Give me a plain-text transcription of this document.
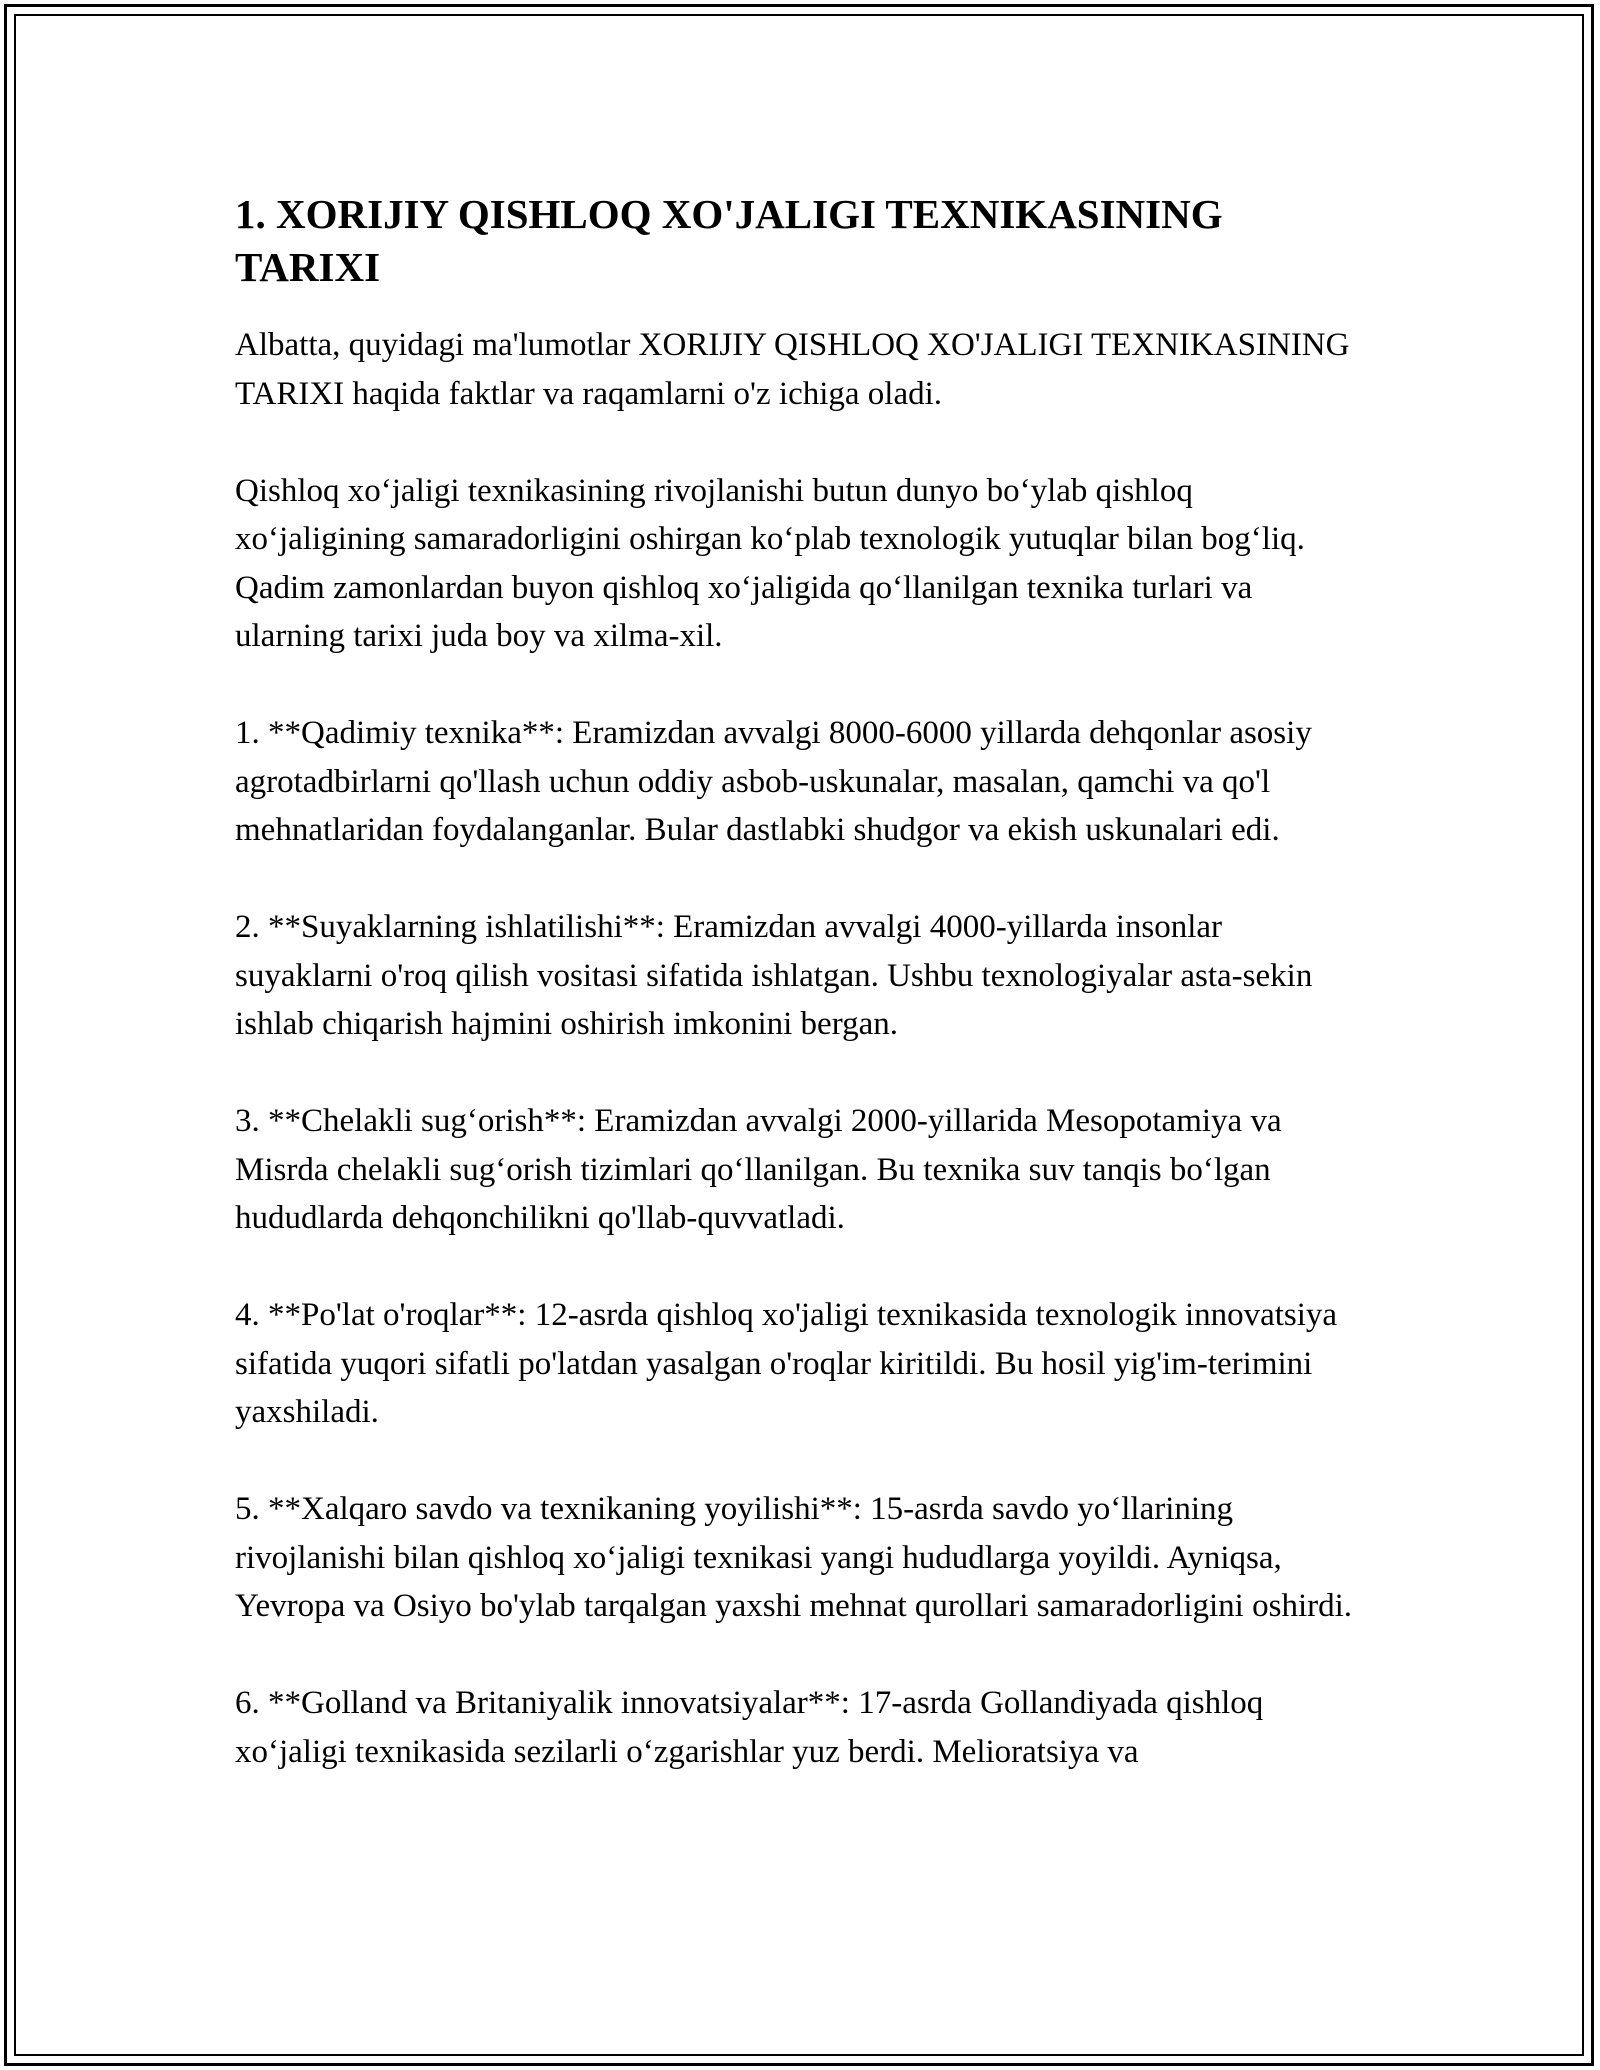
1. XORIJIY QISHLOQ XO'JALIGI TEXNIKASINING TARIXI

Albatta, quyidagi ma'lumotlar XORIJIY QISHLOQ XO'JALIGI TEXNIKASINING TARIXI haqida faktlar va raqamlarni o'z ichiga oladi.

Qishloq xo‘jaligi texnikasining rivojlanishi butun dunyo bo‘ylab qishloq xo‘jaligining samaradorligini oshirgan ko‘plab texnologik yutuqlar bilan bog‘liq. Qadim zamonlardan buyon qishloq xo‘jaligida qo‘llanilgan texnika turlari va ularning tarixi juda boy va xilma-xil.

1. **Qadimiy texnika**: Eramizdan avvalgi 8000-6000 yillarda dehqonlar asosiy agrotadbirlarni qo'llash uchun oddiy asbob-uskunalar, masalan, qamchi va qo'l mehnatlaridan foydalanganlar. Bular dastlabki shudgor va ekish uskunalari edi.

2. **Suyaklarning ishlatilishi**: Eramizdan avvalgi 4000-yillarda insonlar suyaklarni o'roq qilish vositasi sifatida ishlatgan. Ushbu texnologiyalar asta-sekin ishlab chiqarish hajmini oshirish imkonini bergan.

3. **Chelakli sug‘orish**: Eramizdan avvalgi 2000-yillarida Mesopotamiya va Misrda chelakli sug‘orish tizimlari qo‘llanilgan. Bu texnika suv tanqis bo‘lgan hududlarda dehqonchilikni qo'llab-quvvatladi.

4. **Po'lat o'roqlar**: 12-asrda qishloq xo'jaligi texnikasida texnologik innovatsiya sifatida yuqori sifatli po'latdan yasalgan o'roqlar kiritildi. Bu hosil yig'im-terimini yaxshiladi.

5. **Xalqaro savdo va texnikaning yoyilishi**: 15-asrda savdo yo‘llarining rivojlanishi bilan qishloq xo‘jaligi texnikasi yangi hududlarga yoyildi. Ayniqsa, Yevropa va Osiyo bo'ylab tarqalgan yaxshi mehnat qurollari samaradorligini oshirdi.

6. **Golland va Britaniyalik innovatsiyalar**: 17-asrda Gollandiyada qishloq xo‘jaligi texnikasida sezilarli o‘zgarishlar yuz berdi. Melioratsiya va
